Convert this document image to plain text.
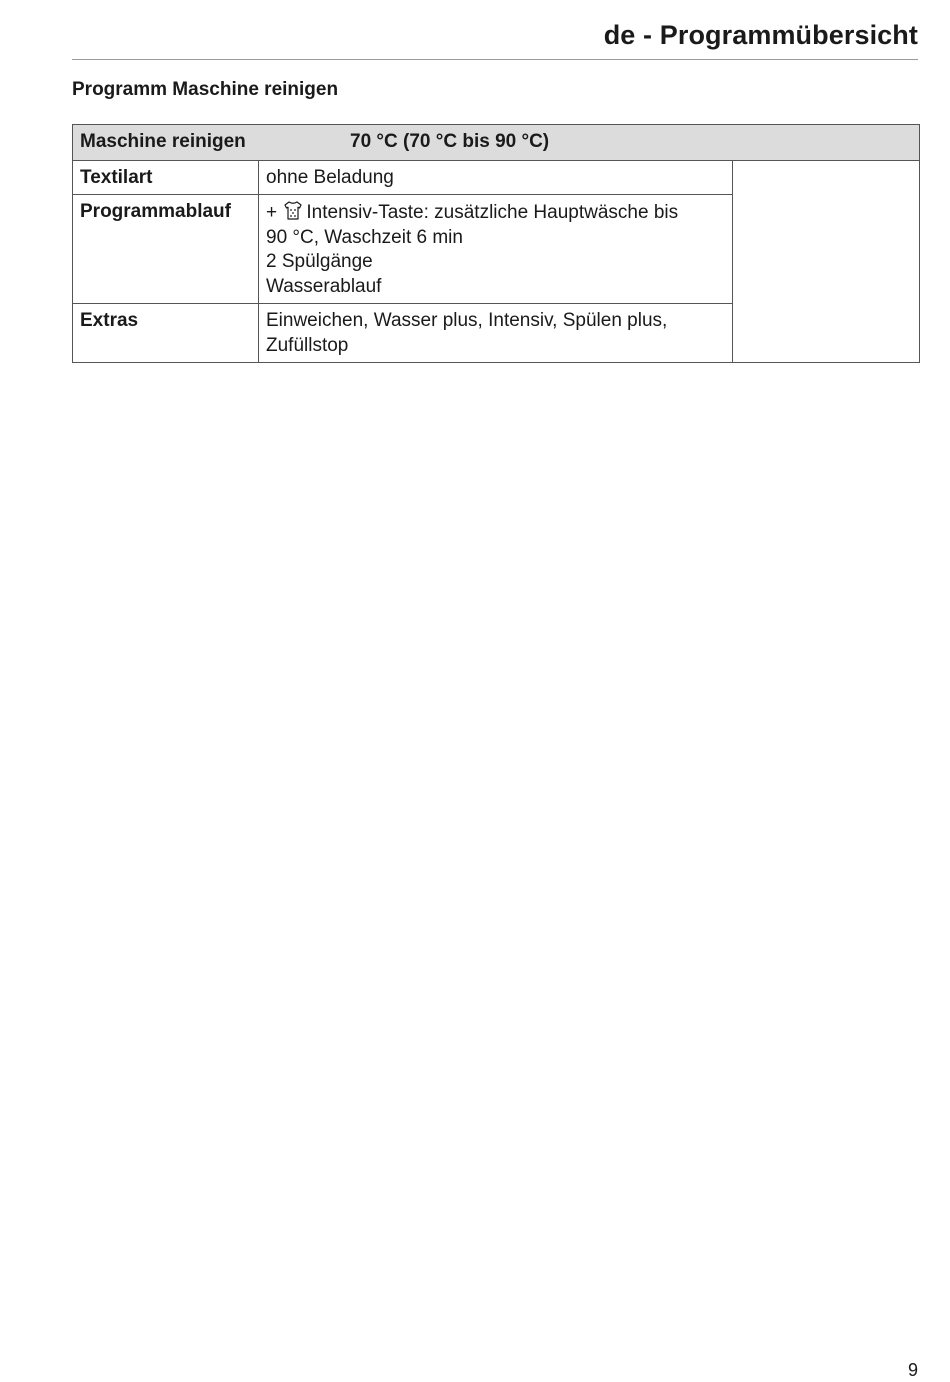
de - Programmübersicht
Programm Maschine reinigen
Maschine reinigen 70 °C (70 °C bis 90 °C)		
Textilart	ohne Beladung	

Programmablauf	+ Intensiv-Taste: zusätzliche Hauptwäsche bis
90 °C, Waschzeit 6 min
2 Spülgänge
Wasserablauf	

Extras	Einweichen, Wasser plus, Intensiv, Spülen plus,
Zufüllstop	
9
